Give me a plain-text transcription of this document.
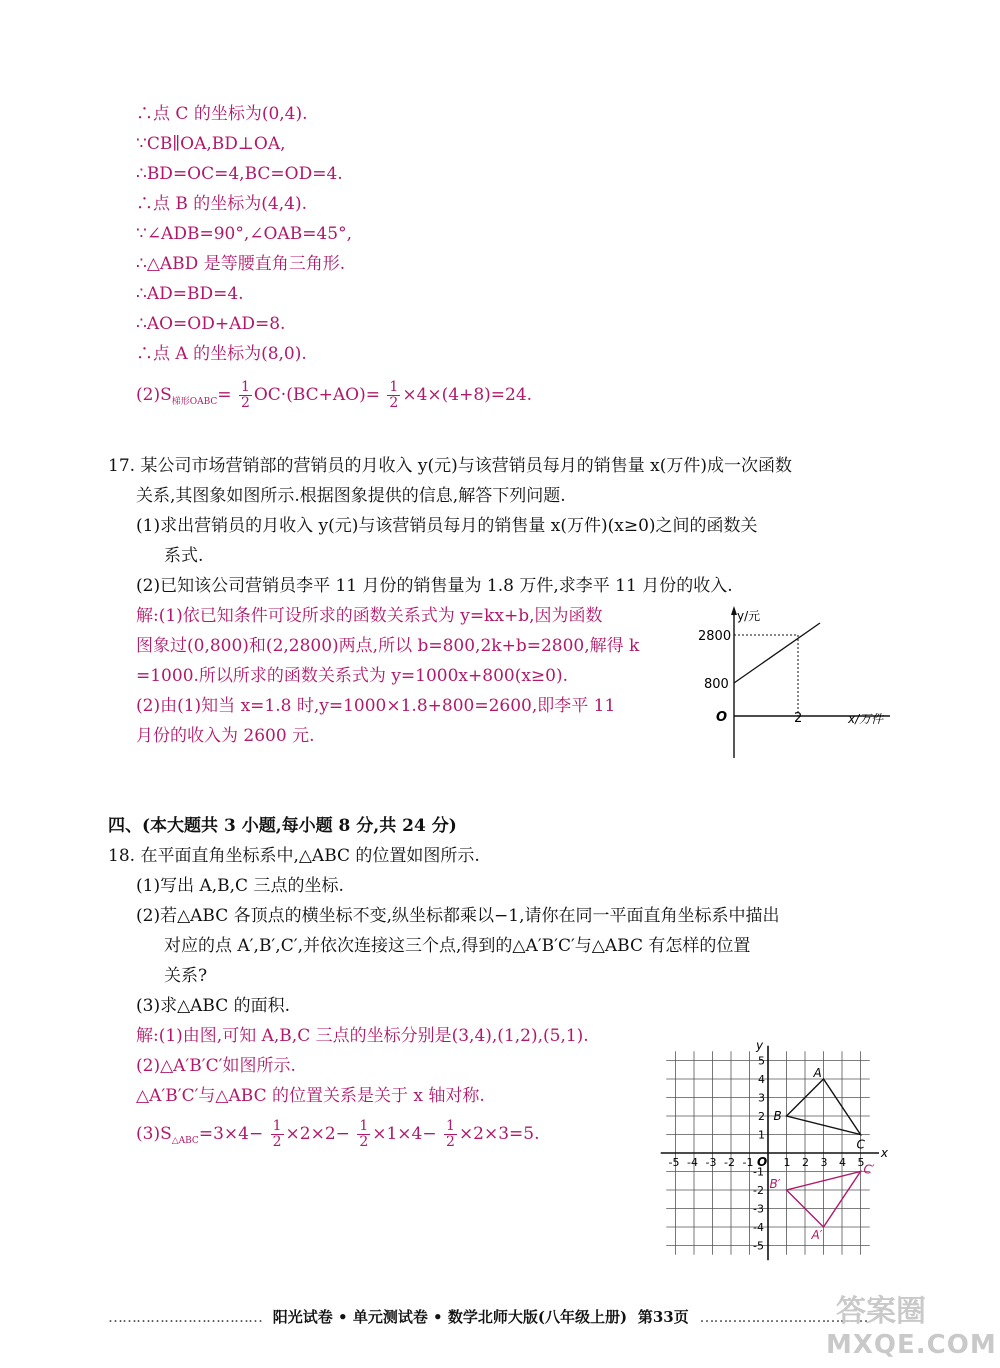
∴点 C 的坐标为(0,4).
∵CB∥OA,BD⊥OA,
∴BD=OC=4,BC=OD=4.
∴点 B 的坐标为(4,4).
∵∠ADB=90°,∠OAB=45°,
∴△ABD 是等腰直角三角形.
∴AD=BD=4.
∴AO=OD+AD=8.
∴点 A 的坐标为(8,0).
$(2)S_{梯形OABC}= \frac{1}{2} OC\cdot(BC+AO)= \frac{1}{2} \times 4\times(4+8)=24$.
17. 某公司市场营销部的营销员的月收入 y(元)与该营销员每月的销售量 x(万件)成一次函数
关系,其图象如图所示.根据图象提供的信息,解答下列问题.
(1)求出营销员的月收入 y(元)与该营销员每月的销售量 x(万件)(x≥0)之间的函数关
系式.
(2)已知该公司营销员李平 11 月份的销售量为 1.8 万件,求李平 11 月份的收入.
解:(1)依已知条件可设所求的函数关系式为 y=kx+b,因为函数
图象过(0,800)和(2,2800)两点,所以 b=800,2k+b=2800,解得 k
=1000.所以所求的函数关系式为 y=1000x+800(x≥0).
(2)由(1)知当 x=1.8 时,y=1000×1.8+800=2600,即李平 11
月份的收入为 2600 元.
y/元
x/万件
O
2800
800
2
四、(本大题共 3 小题,每小题 8 分,共 24 分)
18. 在平面直角坐标系中,△ABC 的位置如图所示.
(1)写出 A,B,C 三点的坐标.
(2)若△ABC 各顶点的横坐标不变,纵坐标都乘以−1,请你在同一平面直角坐标系中描出
对应的点 A′,B′,C′,并依次连接这三个点,得到的△A′B′C′与△ABC 有怎样的位置
关系?
(3)求△ABC 的面积.
解:(1)由图,可知 A,B,C 三点的坐标分别是(3,4),(1,2),(5,1).
(2)△A′B′C′如图所示.
△A′B′C′与△ABC 的位置关系是关于 x 轴对称.
$(3)S_{\triangle ABC}=3\times 4- \frac{1}{2} \times 2\times 2- \frac{1}{2} \times 1\times 4- \frac{1}{2} \times 2\times 3=5$.
x
y
O
-5 -4 -3 -2 -1	1 2 3 4 5
5
4
3
2
1
-1
-2
-3
-4
-5
A
B
C
A′
B′
C′
…………………………… 阳光试卷 • 单元测试卷 • 数学北师大版(八年级上册) 第33页 ………………………………
答案圈
MXQE.COM
